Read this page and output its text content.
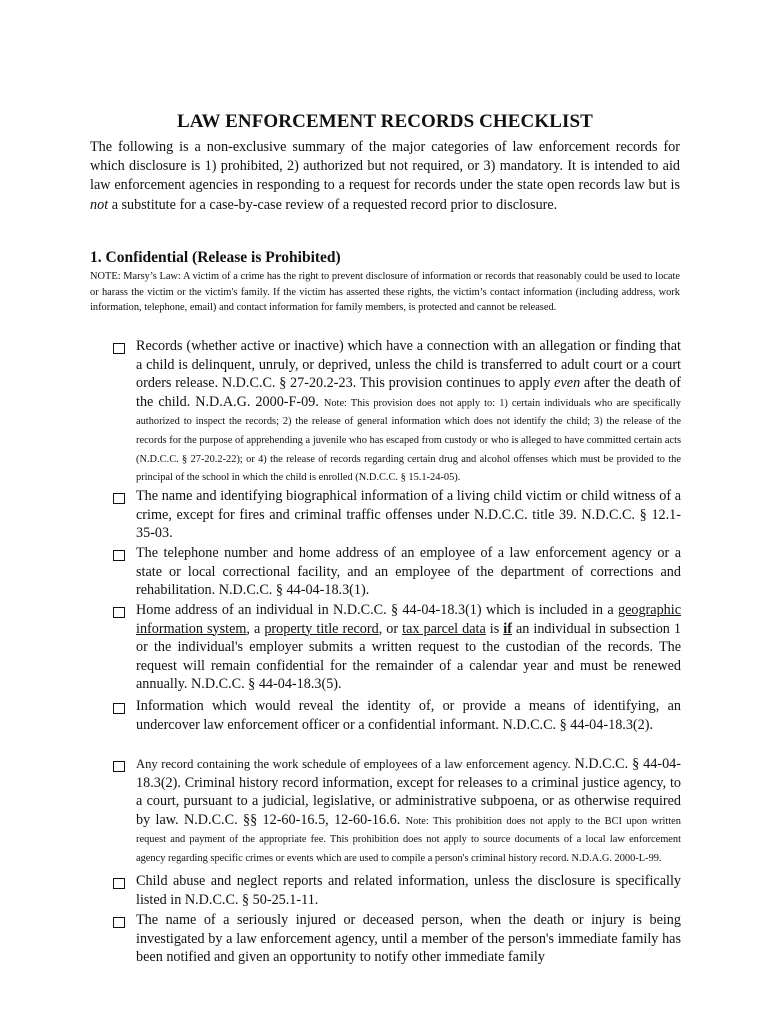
LAW ENFORCEMENT RECORDS CHECKLIST
The following is a non-exclusive summary of the major categories of law enforcement records for which disclosure is 1) prohibited, 2) authorized but not required, or 3) mandatory. It is intended to aid law enforcement agencies in responding to a request for records under the state open records law but is not a substitute for a case-by-case review of a requested record prior to disclosure.
1. Confidential (Release is Prohibited)
NOTE: Marsy’s Law: A victim of a crime has the right to prevent disclosure of information or records that reasonably could be used to locate or harass the victim or the victim's family. If the victim has asserted these rights, the victim’s contact information (including address, work information, telephone, email) and contact information for family members, is protected and cannot be released.
Records (whether active or inactive) which have a connection with an allegation or finding that a child is delinquent, unruly, or deprived, unless the child is transferred to adult court or a court orders release. N.D.C.C. § 27-20.2-23. This provision continues to apply even after the death of the child. N.D.A.G. 2000-F-09. Note: This provision does not apply to: 1) certain individuals who are specifically authorized to inspect the records; 2) the release of general information which does not identify the child; 3) the release of the records for the purpose of apprehending a juvenile who has escaped from custody or who is alleged to have committed certain acts (N.D.C.C. § 27-20.2-22); or 4) the release of records regarding certain drug and alcohol offenses which must be provided to the principal of the school in which the child is enrolled (N.D.C.C. § 15.1-24-05).
The name and identifying biographical information of a living child victim or child witness of a crime, except for fires and criminal traffic offenses under N.D.C.C. title 39. N.D.C.C. § 12.1-35-03.
The telephone number and home address of an employee of a law enforcement agency or a state or local correctional facility, and an employee of the department of corrections and rehabilitation. N.D.C.C. § 44-04-18.3(1).
Home address of an individual in N.D.C.C. § 44-04-18.3(1) which is included in a geographic information system, a property title record, or tax parcel data is if an individual in subsection 1 or the individual's employer submits a written request to the custodian of the records. The request will remain confidential for the remainder of a calendar year and must be renewed annually. N.D.C.C. § 44-04-18.3(5).
Information which would reveal the identity of, or provide a means of identifying, an undercover law enforcement officer or a confidential informant. N.D.C.C. § 44-04-18.3(2).
Any record containing the work schedule of employees of a law enforcement agency. N.D.C.C. § 44-04-18.3(2). Criminal history record information, except for releases to a criminal justice agency, to a court, pursuant to a judicial, legislative, or administrative subpoena, or as otherwise required by law. N.D.C.C. §§ 12-60-16.5, 12-60-16.6. Note: This prohibition does not apply to the BCI upon written request and payment of the appropriate fee. This prohibition does not apply to source documents of a local law enforcement agency regarding specific crimes or events which are used to compile a person's criminal history record. N.D.A.G. 2000-L-99.
Child abuse and neglect reports and related information, unless the disclosure is specifically listed in N.D.C.C. § 50-25.1-11.
The name of a seriously injured or deceased person, when the death or injury is being investigated by a law enforcement agency, until a member of the person's immediate family has been notified and given an opportunity to notify other immediate family
